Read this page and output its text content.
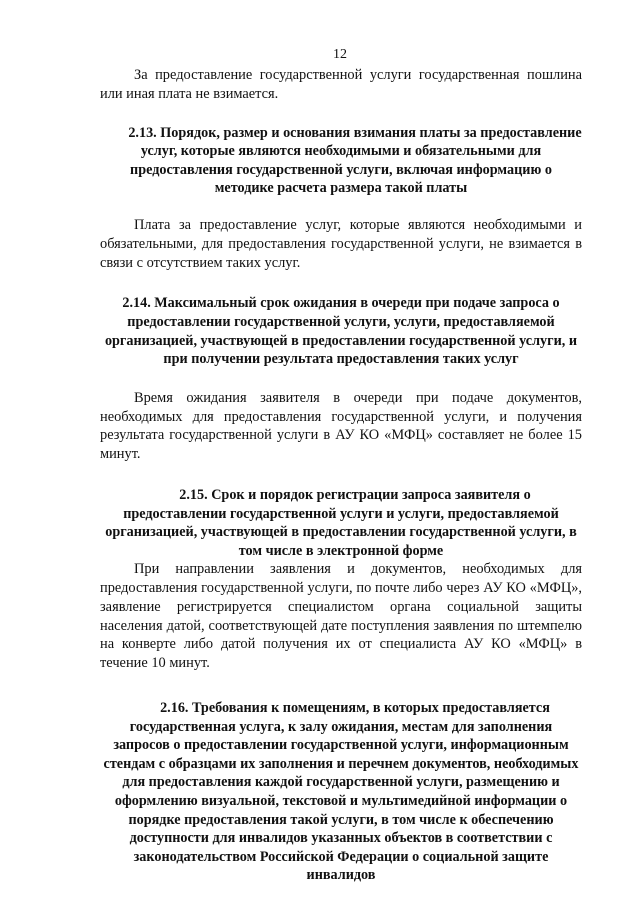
12

За предоставление государственной услуги государственная пошлина или иная плата не взимается.

2.13. Порядок, размер и основания взимания платы за предоставление услуг, которые являются необходимыми и обязательными для предоставления государственной услуги, включая информацию о методике расчета размера такой платы

Плата за предоставление услуг, которые являются необходимыми и обязательными, для предоставления государственной услуги, не взимается в связи с отсутствием таких услуг.

2.14. Максимальный срок ожидания в очереди при подаче запроса о предоставлении государственной услуги, услуги, предоставляемой организацией, участвующей в предоставлении государственной услуги, и при получении результата предоставления таких услуг

Время ожидания заявителя в очереди при подаче документов, необходимых для предоставления государственной услуги, и получения результата государственной услуги в АУ КО «МФЦ» составляет не более 15 минут.

2.15. Срок и порядок регистрации запроса заявителя о предоставлении государственной услуги и услуги, предоставляемой организацией, участвующей в предоставлении государственной услуги, в том числе в электронной форме

При направлении заявления и документов, необходимых для предоставления государственной услуги, по почте либо через АУ КО «МФЦ», заявление регистрируется специалистом органа социальной защиты населения датой, соответствующей дате поступления заявления по штемпелю на конверте либо датой получения их от специалиста АУ КО «МФЦ» в течение 10 минут.

2.16. Требования к помещениям, в которых предоставляется государственная услуга, к залу ожидания, местам для заполнения запросов о предоставлении государственной услуги, информационным стендам с образцами их заполнения и перечнем документов, необходимых для предоставления каждой государственной услуги, размещению и оформлению визуальной, текстовой и мультимедийной информации о порядке предоставления такой услуги, в том числе к обеспечению доступности для инвалидов указанных объектов в соответствии с законодательством Российской Федерации о социальной защите инвалидов
